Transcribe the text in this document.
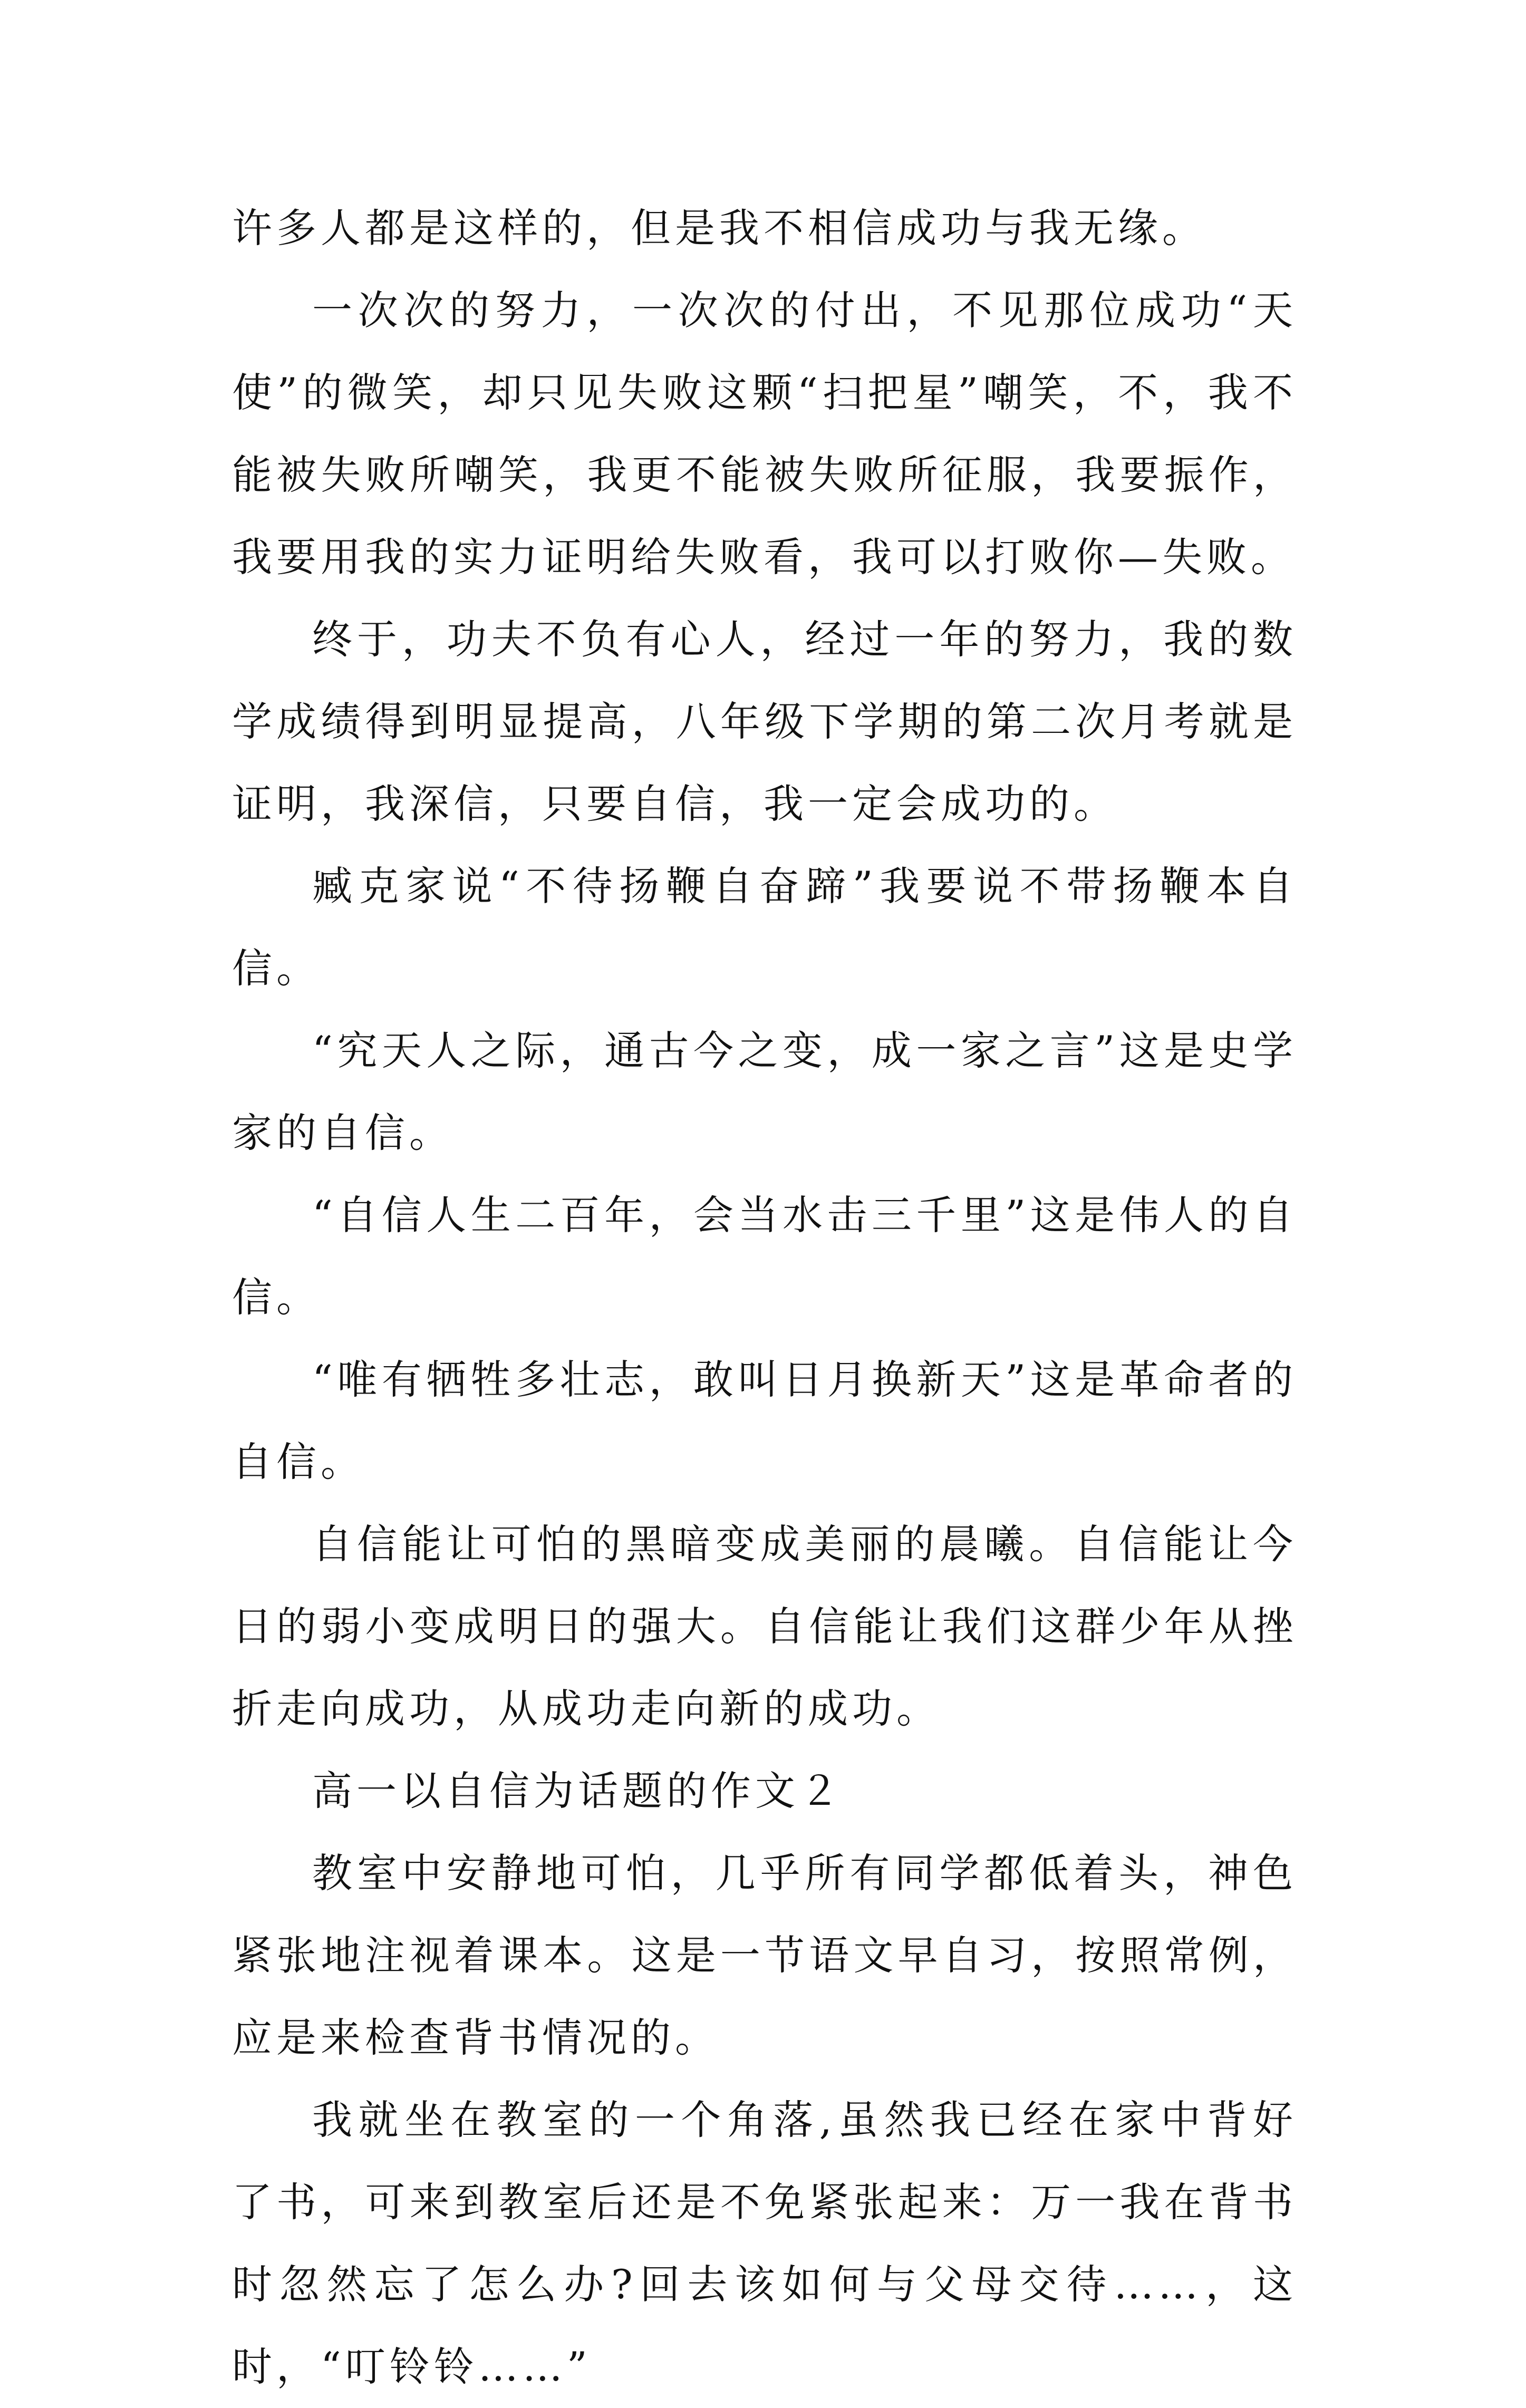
许多人都是这样的，但是我不相信成功与我无缘。

一次次的努力，一次次的付出，不见那位成功“天使”的微笑，却只见失败这颗“扫把星”嘲笑，不，我不能被失败所嘲笑，我更不能被失败所征服，我要振作，我要用我的实力证明给失败看，我可以打败你—失败。

终于，功夫不负有心人，经过一年的努力，我的数学成绩得到明显提高，八年级下学期的第二次月考就是证明，我深信，只要自信，我一定会成功的。

臧克家说“不待扬鞭自奋蹄”我要说不带扬鞭本自信。

“究天人之际，通古今之变，成一家之言”这是史学家的自信。

“自信人生二百年，会当水击三千里”这是伟人的自信。

“唯有牺牲多壮志，敢叫日月换新天”这是革命者的自信。

自信能让可怕的黑暗变成美丽的晨曦。自信能让今日的弱小变成明日的强大。自信能让我们这群少年从挫折走向成功，从成功走向新的成功。

高一以自信为话题的作文２

教室中安静地可怕，几乎所有同学都低着头，神色紧张地注视着课本。这是一节语文早自习，按照常例，应是来检查背书情况的。

我就坐在教室的一个角落,虽然我已经在家中背好了书，可来到教室后还是不免紧张起来：万一我在背书时忽然忘了怎么办?回去该如何与父母交待……，这时，“叮铃铃……”
